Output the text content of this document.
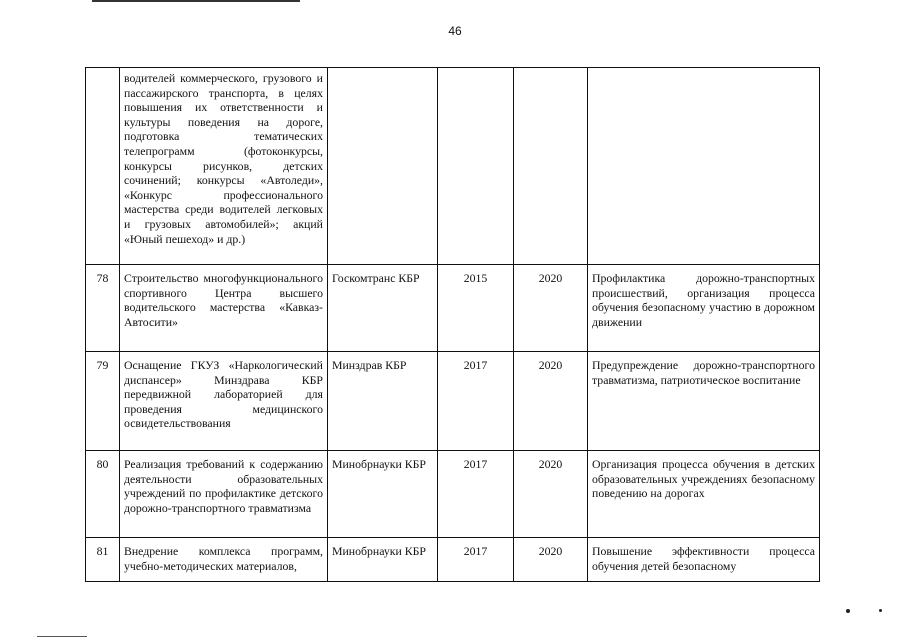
46
	водителей коммерческого, грузового и пассажирского транспорта, в целях повышения их ответственности и культуры поведения на дороге, подготовка тематических телепрограмм (фотоконкурсы, конкурсы рисунков, детских сочинений; конкурсы «Автоледи», «Конкурс профессионального мастерства среди водителей легковых и грузовых автомобилей»; акций «Юный пешеход» и др.)				
78	Строительство многофункционального спортивного Центра высшего водительского мастерства «Кавказ-Автосити»	Госкомтранс КБР	2015	2020	Профилактика дорожно-транспортных происшествий, организация процесса обучения безопасному участию в дорожном движении
79	Оснащение ГКУЗ «Наркологический диспансер» Минздрава КБР передвижной лабораторией для проведения медицинского освидетельствования	Минздрав КБР	2017	2020	Предупреждение дорожно-транспортного травматизма, патриотическое воспитание
80	Реализация требований к содержанию деятельности образовательных учреждений по профилактике детского дорожно-транспортного травматизма	Минобрнауки КБР	2017	2020	Организация процесса обучения в детских образовательных учреждениях безопасному поведению на дорогах
81	Внедрение комплекса программ, учебно-методических материалов,	Минобрнауки КБР	2017	2020	Повышение эффективности процесса обучения детей безопасному
